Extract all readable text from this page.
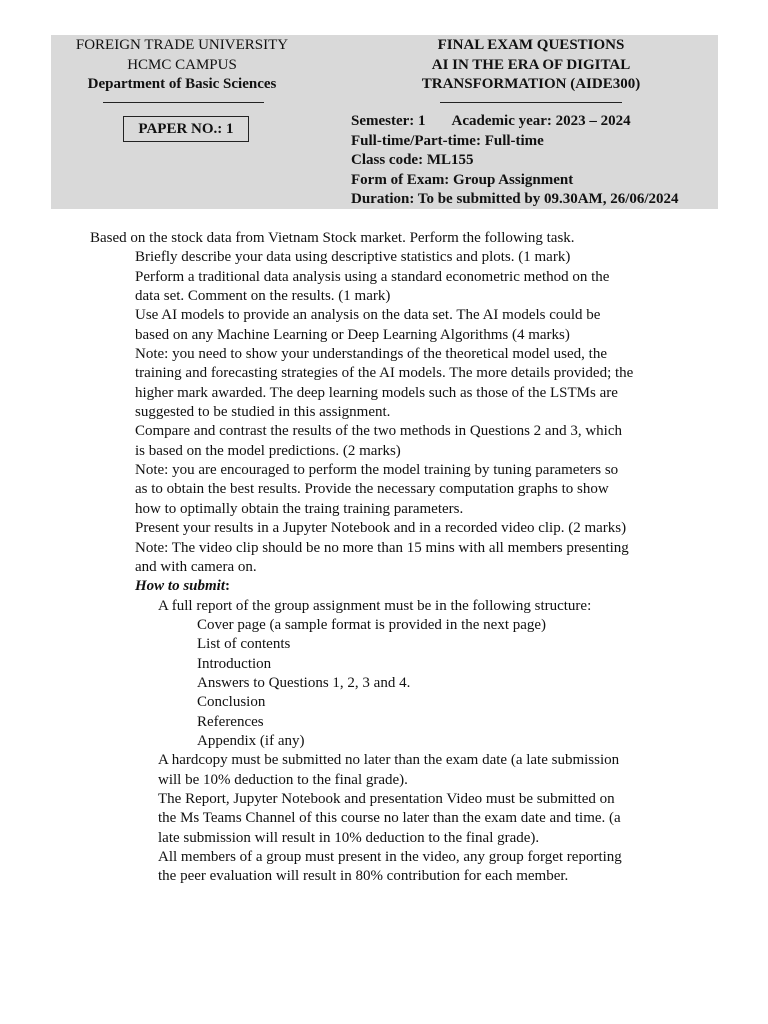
FOREIGN TRADE UNIVERSITY
HCMC CAMPUS
Department of Basic Sciences
PAPER NO.: 1
FINAL EXAM QUESTIONS
AI IN THE ERA OF DIGITAL
TRANSFORMATION (AIDE300)
Semester: 1 Academic year: 2023 – 2024
Full-time/Part-time: Full-time
Class code: ML155
Form of Exam: Group Assignment
Duration: To be submitted by 09.30AM, 26/06/2024
Based on the stock data from Vietnam Stock market. Perform the following task.
Briefly describe your data using descriptive statistics and plots. (1 mark)
Perform a traditional data analysis using a standard econometric method on the
data set. Comment on the results. (1 mark)
Use AI models to provide an analysis on the data set. The AI models could be
based on any Machine Learning or Deep Learning Algorithms (4 marks)
Note: you need to show your understandings of the theoretical model used, the
training and forecasting strategies of the AI models. The more details provided; the
higher mark awarded. The deep learning models such as those of the LSTMs are
suggested to be studied in this assignment.
Compare and contrast the results of the two methods in Questions 2 and 3, which
is based on the model predictions. (2 marks)
Note: you are encouraged to perform the model training by tuning parameters so
as to obtain the best results. Provide the necessary computation graphs to show
how to optimally obtain the traing training parameters.
Present your results in a Jupyter Notebook and in a recorded video clip. (2 marks)
Note: The video clip should be no more than 15 mins with all members presenting
and with camera on.
How to submit:
A full report of the group assignment must be in the following structure:
Cover page (a sample format is provided in the next page)
List of contents
Introduction
Answers to Questions 1, 2, 3 and 4.
Conclusion
References
Appendix (if any)
A hardcopy must be submitted no later than the exam date (a late submission
will be 10% deduction to the final grade).
The Report, Jupyter Notebook and presentation Video must be submitted on
the Ms Teams Channel of this course no later than the exam date and time. (a
late submission will result in 10% deduction to the final grade).
All members of a group must present in the video, any group forget reporting
the peer evaluation will result in 80% contribution for each member.
